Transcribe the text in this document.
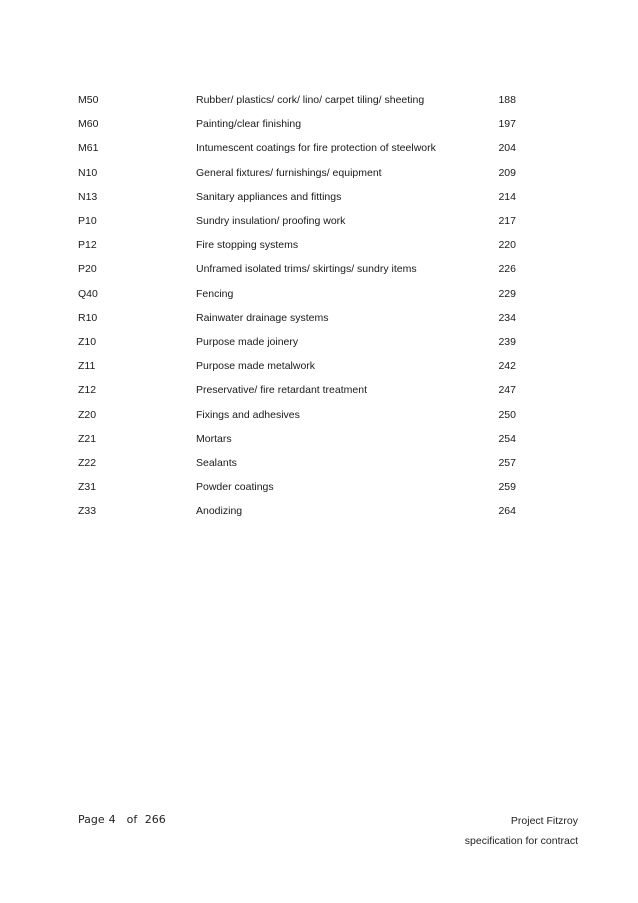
M50	Rubber/ plastics/ cork/ lino/ carpet tiling/ sheeting	188
M60	Painting/clear finishing	197
M61	Intumescent coatings for fire protection of steelwork	204
N10	General fixtures/ furnishings/ equipment	209
N13	Sanitary appliances and fittings	214
P10	Sundry insulation/ proofing work	217
P12	Fire stopping systems	220
P20	Unframed isolated trims/ skirtings/ sundry items	226
Q40	Fencing	229
R10	Rainwater drainage systems	234
Z10	Purpose made joinery	239
Z11	Purpose made metalwork	242
Z12	Preservative/ fire retardant treatment	247
Z20	Fixings and adhesives	250
Z21	Mortars	254
Z22	Sealants	257
Z31	Powder coatings	259
Z33	Anodizing	264
Page 4 of 266	Project Fitzroy
specification for contract
